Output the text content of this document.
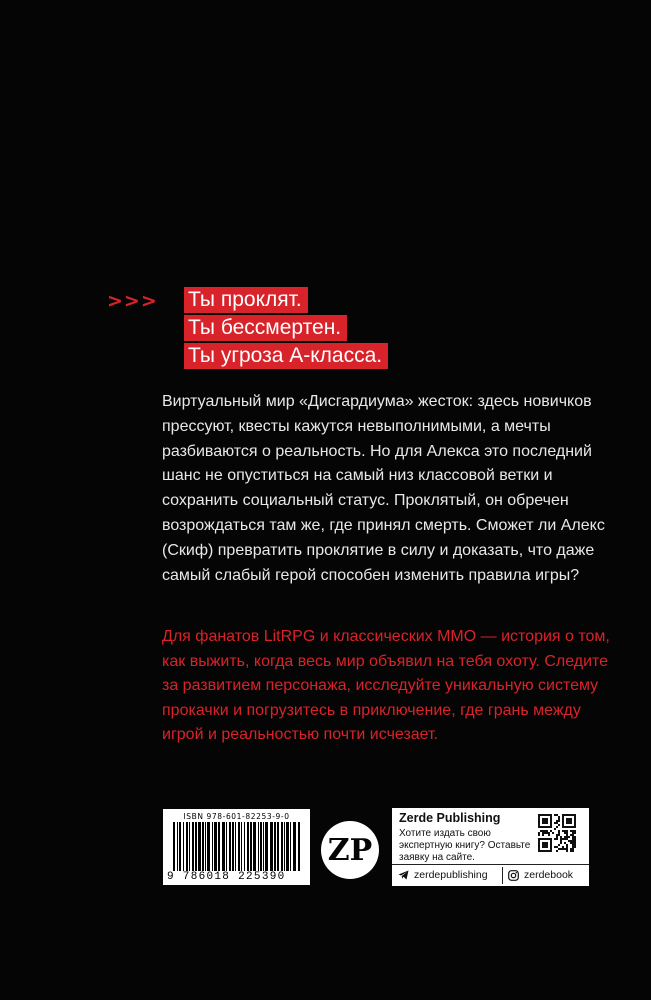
>>> Ты проклят.
Ты бессмертен.
Ты угроза А-класса.
Виртуальный мир «Дисгардиума» жесток: здесь новичков прессуют, квесты кажутся невыполнимыми, а мечты разбиваются о реальность. Но для Алекса это последний шанс не опуститься на самый низ классовой ветки и сохранить социальный статус. Проклятый, он обречен возрождаться там же, где принял смерть. Сможет ли Алекс (Скиф) превратить проклятие в силу и доказать, что даже самый слабый герой способен изменить правила игры?
Для фанатов LitRPG и классических MMO — история о том, как выжить, когда весь мир объявил на тебя охоту. Следите за развитием персонажа, исследуйте уникальную систему прокачки и погрузитесь в приключение, где грань между игрой и реальностью почти исчезает.
ISBN 978-601-82253-9-0
9 786018 225390
ZP
Zerde Publishing
Хотите издать свою экспертную книгу? Оставьте заявку на сайте.
zerdepublishing	zerdebook
